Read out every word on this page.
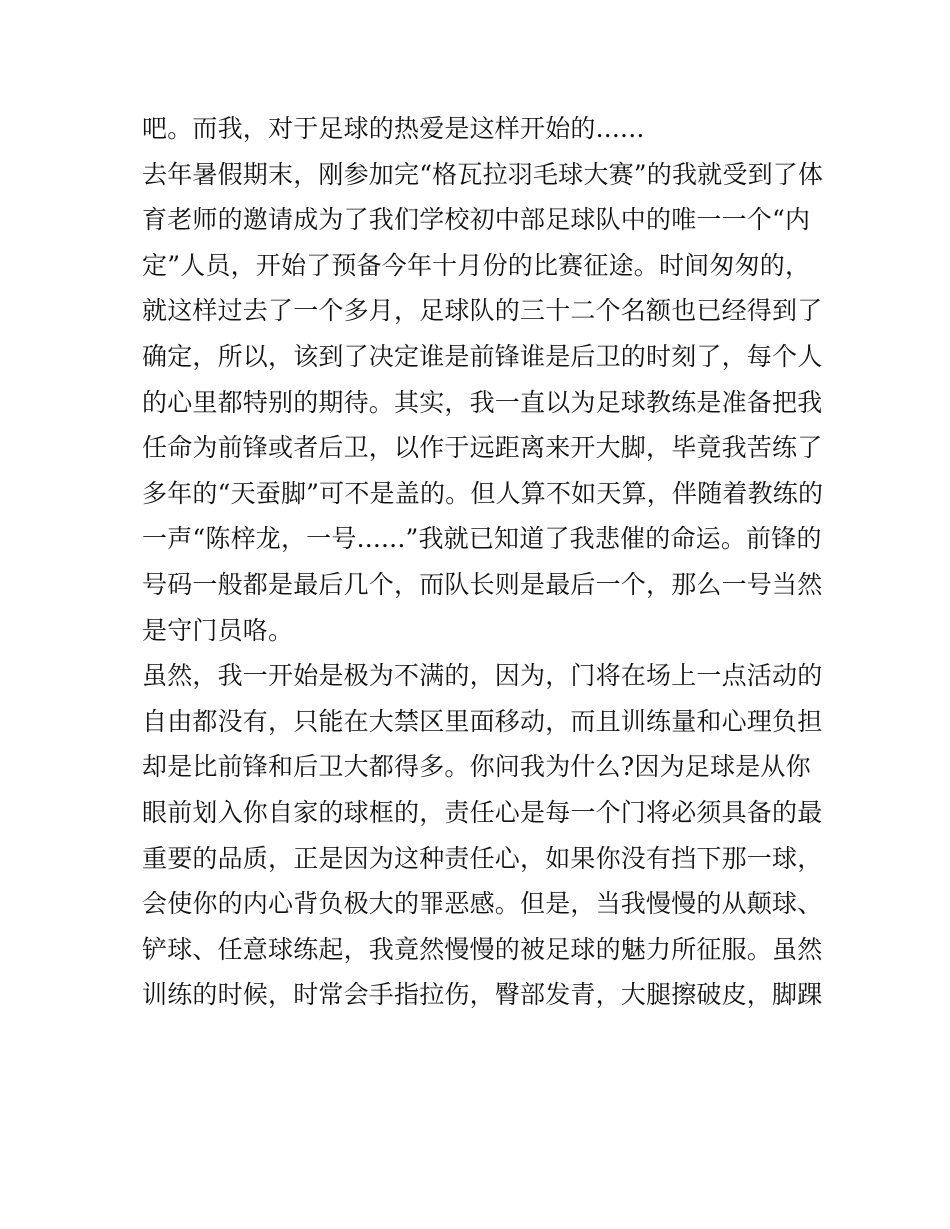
吧。而我，对于足球的热爱是这样开始的......
去年暑假期末，刚参加完“格瓦拉羽毛球大赛”的我就受到了体
育老师的邀请成为了我们学校初中部足球队中的唯一一个“内
定”人员，开始了预备今年十月份的比赛征途。时间匆匆的，
就这样过去了一个多月，足球队的三十二个名额也已经得到了
确定，所以，该到了决定谁是前锋谁是后卫的时刻了，每个人
的心里都特别的期待。其实，我一直以为足球教练是准备把我
任命为前锋或者后卫，以作于远距离来开大脚，毕竟我苦练了
多年的“天蚕脚”可不是盖的。但人算不如天算，伴随着教练的
一声“陈梓龙，一号......”我就已知道了我悲催的命运。前锋的
号码一般都是最后几个，而队长则是最后一个，那么一号当然
是守门员咯。
虽然，我一开始是极为不满的，因为，门将在场上一点活动的
自由都没有，只能在大禁区里面移动，而且训练量和心理负担
却是比前锋和后卫大都得多。你问我为什么?因为足球是从你
眼前划入你自家的球框的，责任心是每一个门将必须具备的最
重要的品质，正是因为这种责任心，如果你没有挡下那一球，
会使你的内心背负极大的罪恶感。但是，当我慢慢的从颠球、
铲球、任意球练起，我竟然慢慢的被足球的魅力所征服。虽然
训练的时候，时常会手指拉伤，臀部发青，大腿擦破皮，脚踝
